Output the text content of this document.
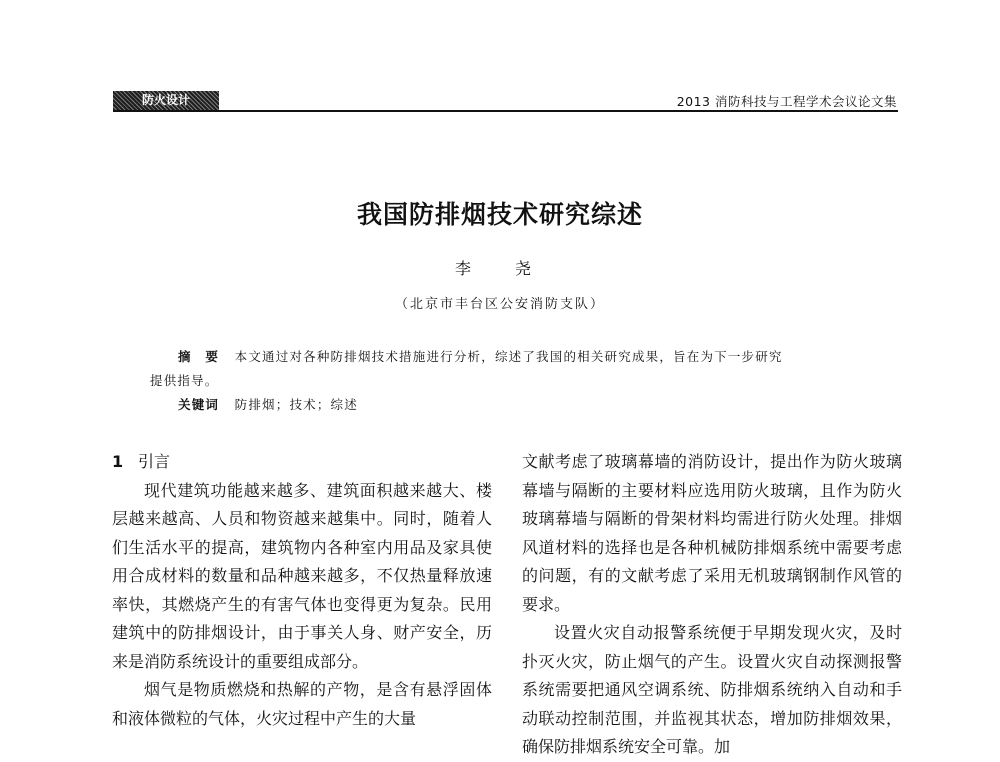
防火设计	2013 消防科技与工程学术会议论文集
我国防排烟技术研究综述
李　尧
（北京市丰台区公安消防支队）

摘　要 本文通过对各种防排烟技术措施进行分析，综述了我国的相关研究成果，旨在为下一步研究

提供指导。

关键词 防排烟；技术；综述

1 引言

现代建筑功能越来越多、建筑面积越来越大、楼层越来越高、人员和物资越来越集中。同时，随着人们生活水平的提高，建筑物内各种室内用品及家具使用合成材料的数量和品种越来越多，不仅热量释放速率快，其燃烧产生的有害气体也变得更为复杂。民用建筑中的防排烟设计，由于事关人身、财产安全，历来是消防系统设计的重要组成部分。

烟气是物质燃烧和热解的产物，是含有悬浮固体和液体微粒的气体，火灾过程中产生的大量

文献考虑了玻璃幕墙的消防设计，提出作为防火玻璃幕墙与隔断的主要材料应选用防火玻璃，且作为防火玻璃幕墙与隔断的骨架材料均需进行防火处理。排烟风道材料的选择也是各种机械防排烟系统中需要考虑的问题，有的文献考虑了采用无机玻璃钢制作风管的要求。

设置火灾自动报警系统便于早期发现火灾，及时扑灭火灾，防止烟气的产生。设置火灾自动探测报警系统需要把通风空调系统、防排烟系统纳入自动和手动联动控制范围，并监视其状态，增加防排烟效果，确保防排烟系统安全可靠。加
